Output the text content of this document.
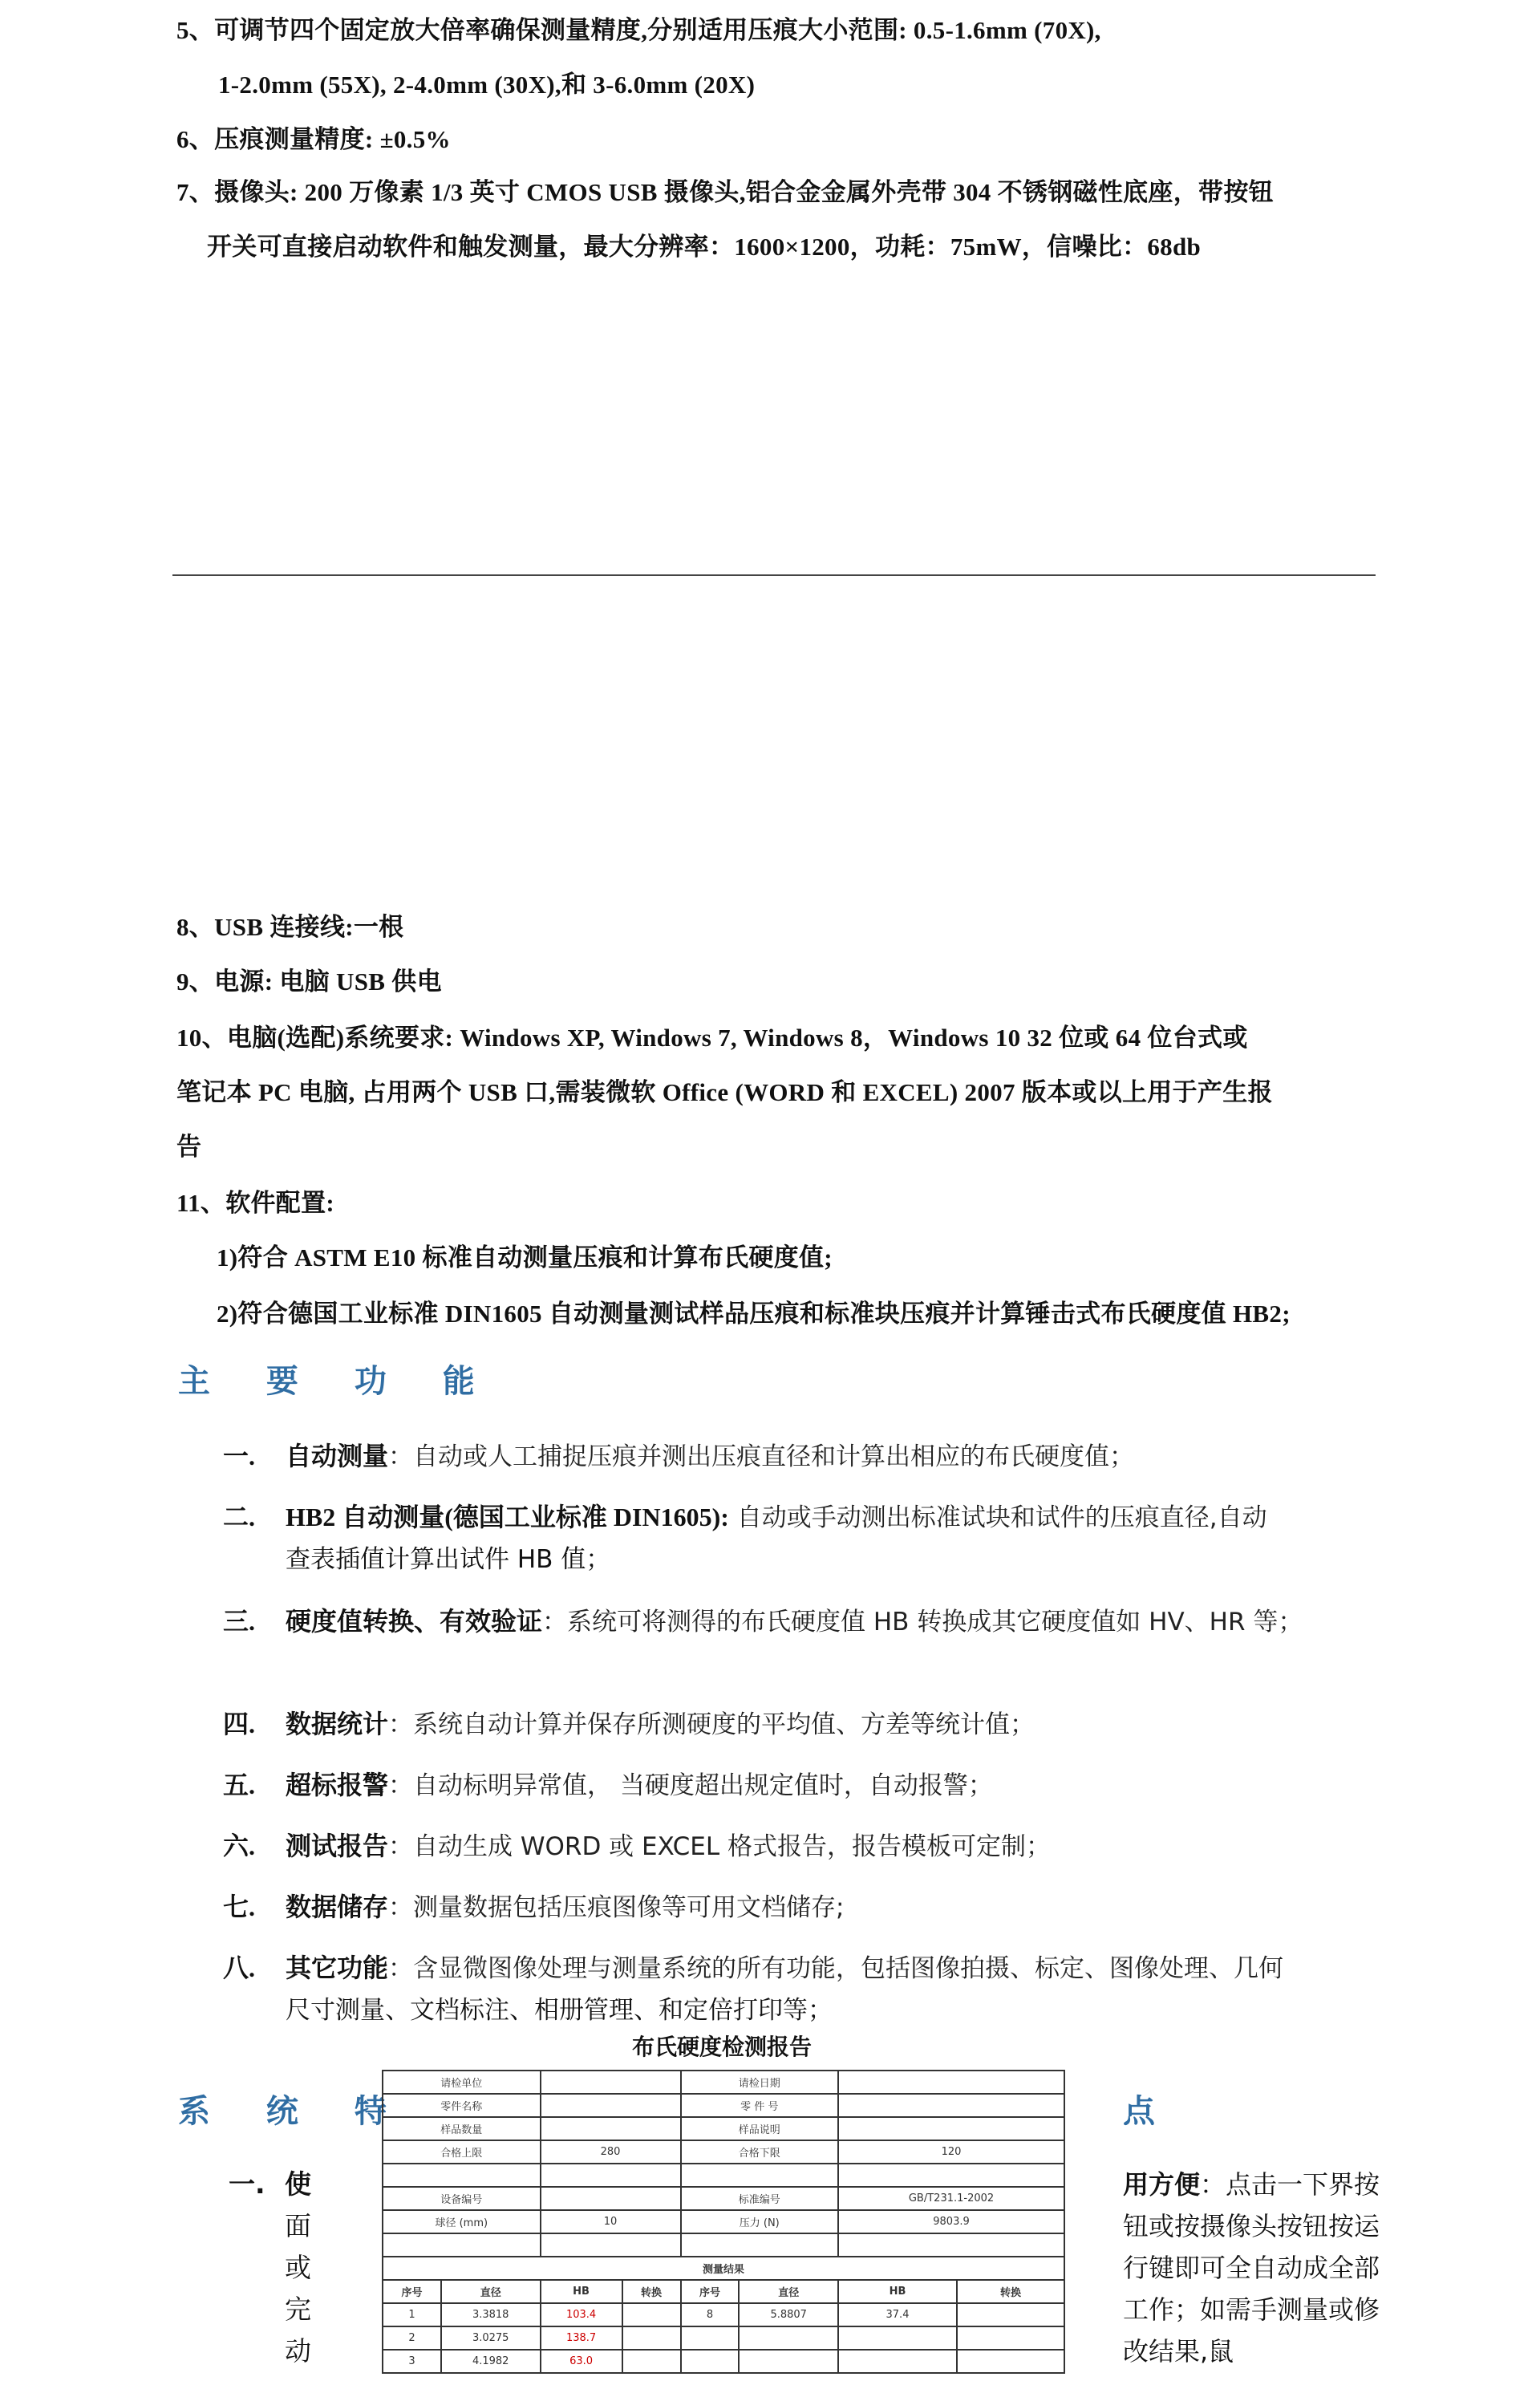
5、可调节四个固定放大倍率确保测量精度,分别适用压痕大小范围: 0.5-1.6mm (70X),
1-2.0mm (55X), 2-4.0mm (30X),和 3-6.0mm (20X)
6、压痕测量精度: ±0.5%
7、摄像头: 200 万像素 1/3 英寸 CMOS USB 摄像头,铝合金金属外壳带 304 不锈钢磁性底座，带按钮
开关可直接启动软件和触发测量，最大分辨率：1600×1200，功耗：75mW，信噪比：68db
8、USB 连接线:一根
9、电源: 电脑 USB 供电
10、电脑(选配)系统要求: Windows XP, Windows 7, Windows 8，Windows 10 32 位或 64 位台式或
笔记本 PC 电脑, 占用两个 USB 口,需装微软 Office (WORD 和 EXCEL) 2007 版本或以上用于产生报
告
11、软件配置:
1)符合 ASTM E10 标准自动测量压痕和计算布氏硬度值;
2)符合德国工业标准 DIN1605 自动测量测试样品压痕和标准块压痕并计算锤击式布氏硬度值 HB2;
主 要 功 能
一. 自动测量：自动或人工捕捉压痕并测出压痕直径和计算出相应的布氏硬度值；
二. HB2 自动测量(德国工业标准 DIN1605): 自动或手动测出标准试块和试件的压痕直径,自动
查表插值计算出试件 HB 值；
三. 硬度值转换、有效验证：系统可将测得的布氏硬度值 HB 转换成其它硬度值如 HV、HR 等；
四. 数据统计：系统自动计算并保存所测硬度的平均值、方差等统计值；
五. 超标报警：自动标明异常值， 当硬度超出规定值时，自动报警；
六. 测试报告：自动生成 WORD 或 EXCEL 格式报告，报告模板可定制；
七. 数据储存：测量数据包括压痕图像等可用文档储存;
八. 其它功能：含显微图像处理与测量系统的所有功能，包括图像拍摄、标定、图像处理、几何
尺寸测量、文档标注、相册管理、和定倍打印等；
系 统 特	点
一. 使
面
或
完
动
用方便：点击一下界按钮或按摄像头按钮按运行键即可全自动成全部工作；如需手测量或修改结果,鼠
布氏硬度检测报告
请检单位				请检日期			
零件名称				零 件 号			
样品数量				样品说明			
合格上限		280		合格下限		120	

设备编号				标准编号		GB/T231.1-2002	
球径 (mm)		10		压力 (N)		9803.9	

测量结果							
序号	直径	HB	转换	序号	直径	HB	转换
1	3.3818	103.4		8	5.8807	37.4	
2	3.0275	138.7					
3	4.1982	63.0					
